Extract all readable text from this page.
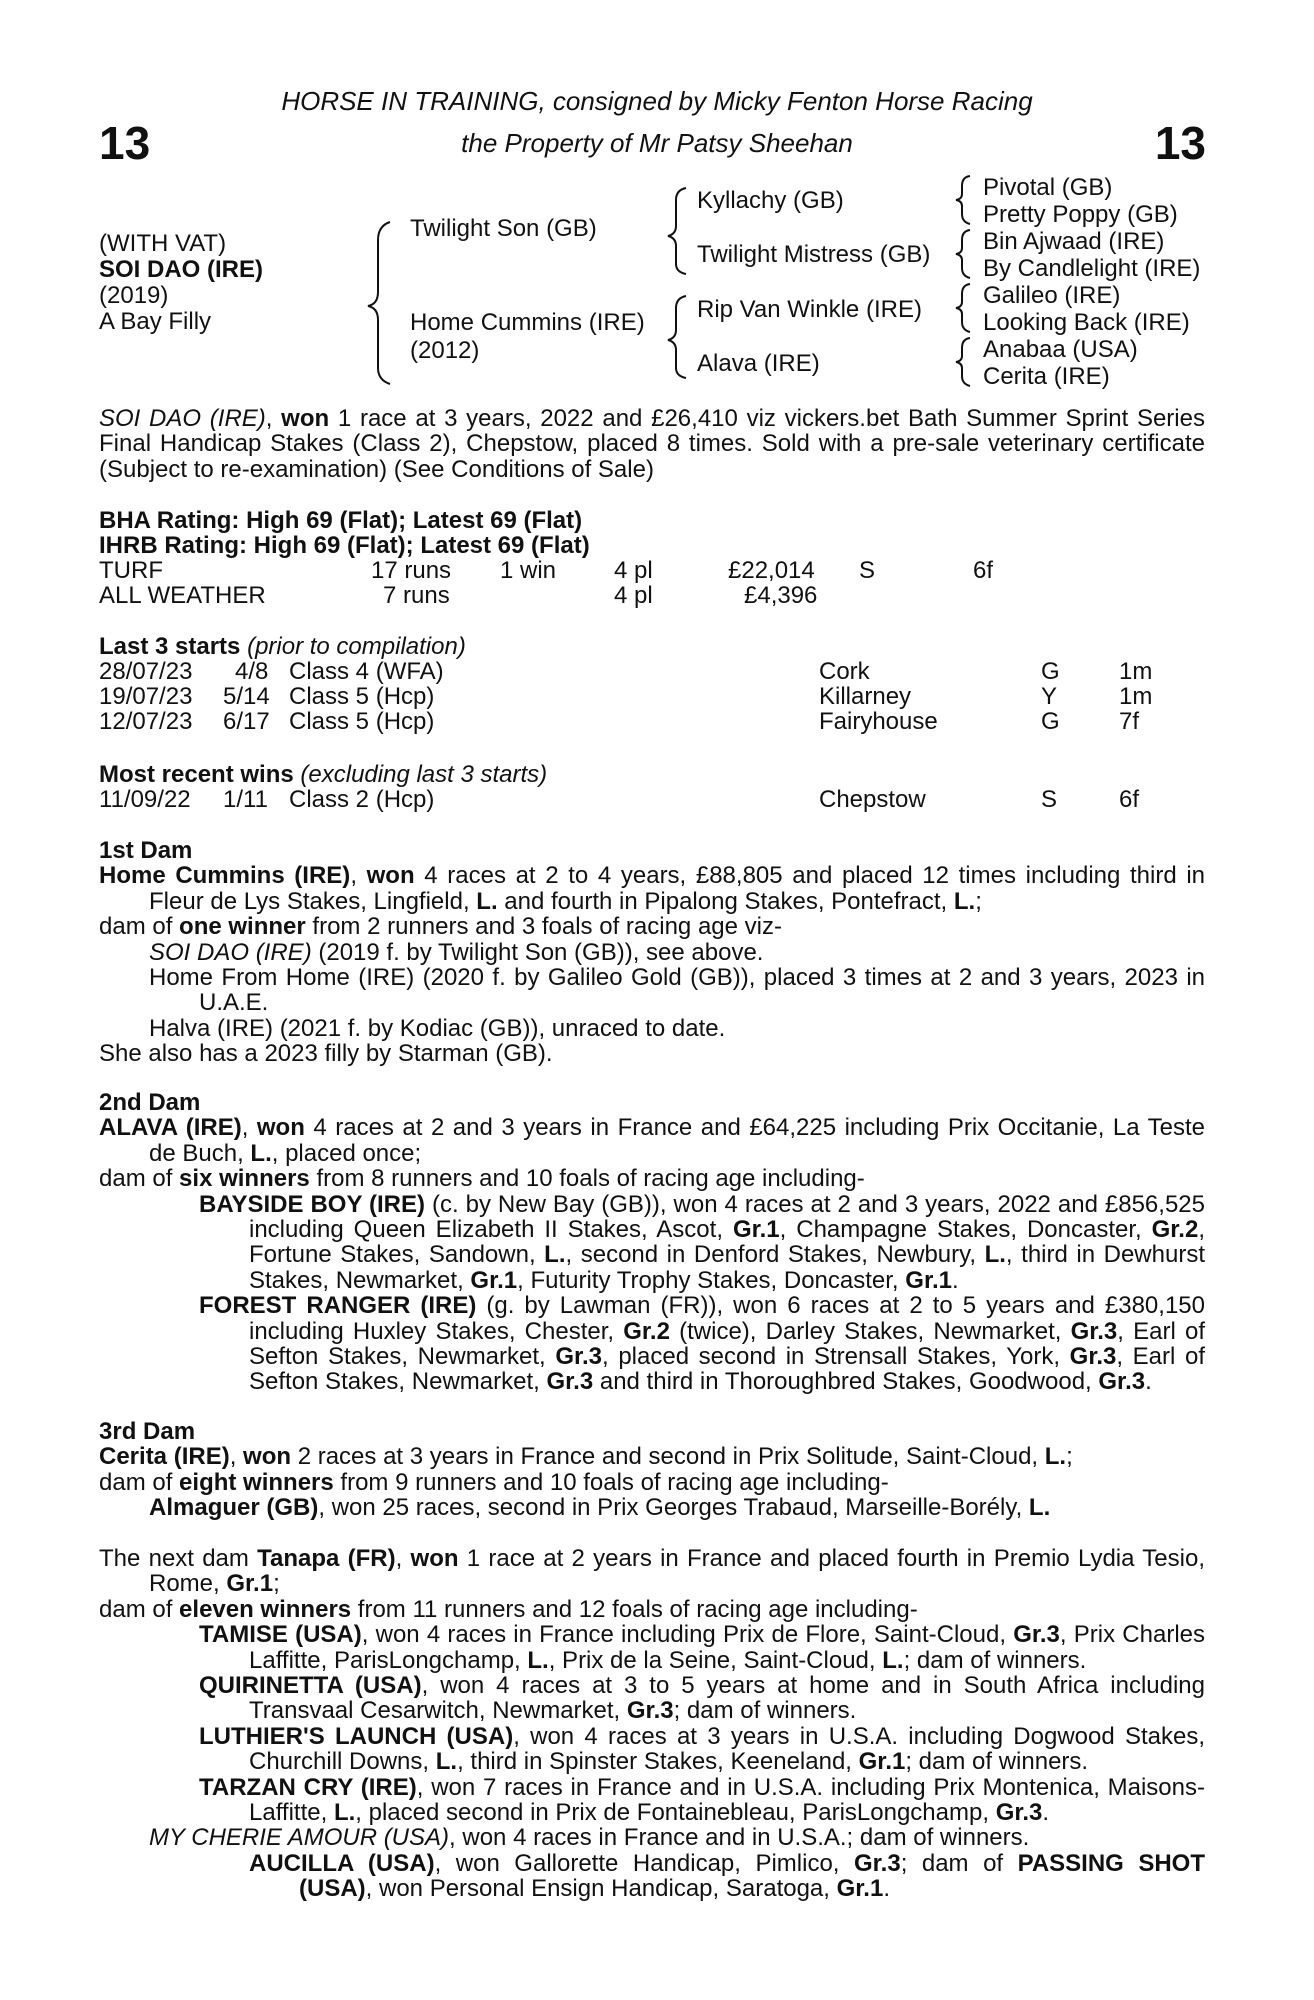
13	13
HORSE IN TRAINING, consigned by Micky Fenton Horse Racing
the Property of Mr Patsy Sheehan
(WITH VAT)
SOI DAO (IRE)
(2019)
A Bay Filly
Twilight Son (GB)
Home Cummins (IRE)
(2012)
Kyllachy (GB)
Twilight Mistress (GB)
Rip Van Winkle (IRE)
Alava (IRE)
Pivotal (GB)
Pretty Poppy (GB)
Bin Ajwaad (IRE)
By Candlelight (IRE)
Galileo (IRE)
Looking Back (IRE)
Anabaa (USA)
Cerita (IRE)

SOI DAO (IRE), won 1 race at 3 years, 2022 and £26,410 viz vickers.bet Bath Summer Sprint Series Final Handicap Stakes (Class 2), Chepstow, placed 8 times. Sold with a pre-sale veterinary certificate (Subject to re-examination) (See Conditions of Sale)

BHA Rating: High 69 (Flat); Latest 69 (Flat)
IHRB Rating: High 69 (Flat); Latest 69 (Flat)
TURF	17 runs 1 win 4 pl	£22,014 S	6f
ALL WEATHER	7 runs	4 pl	£4,396
Last 3 starts (prior to compilation)
28/07/23 4/8 Class 4 (WFA)	Cork	G 1m
19/07/23 5/14 Class 5 (Hcp)	Killarney	Y	1m
12/07/23 6/17 Class 5 (Hcp)	Fairyhouse	G 7f
Most recent wins (excluding last 3 starts)
11/09/22 1/11 Class 2 (Hcp)	Chepstow	S	6f

1st Dam

Home Cummins (IRE), won 4 races at 2 to 4 years, £88,805 and placed 12 times including third in Fleur de Lys Stakes, Lingfield, L. and fourth in Pipalong Stakes, Pontefract, L.;

dam of one winner from 2 runners and 3 foals of racing age viz-

SOI DAO (IRE) (2019 f. by Twilight Son (GB)), see above.

Home From Home (IRE) (2020 f. by Galileo Gold (GB)), placed 3 times at 2 and 3 years, 2023 in U.A.E.

Halva (IRE) (2021 f. by Kodiac (GB)), unraced to date.

She also has a 2023 filly by Starman (GB).

2nd Dam

ALAVA (IRE), won 4 races at 2 and 3 years in France and £64,225 including Prix Occitanie, La Teste de Buch, L., placed once;

dam of six winners from 8 runners and 10 foals of racing age including-

BAYSIDE BOY (IRE) (c. by New Bay (GB)), won 4 races at 2 and 3 years, 2022 and £856,525 including Queen Elizabeth II Stakes, Ascot, Gr.1, Champagne Stakes, Doncaster, Gr.2, Fortune Stakes, Sandown, L., second in Denford Stakes, Newbury, L., third in Dewhurst Stakes, Newmarket, Gr.1, Futurity Trophy Stakes, Doncaster, Gr.1.

FOREST RANGER (IRE) (g. by Lawman (FR)), won 6 races at 2 to 5 years and £380,150 including Huxley Stakes, Chester, Gr.2 (twice), Darley Stakes, Newmarket, Gr.3, Earl of Sefton Stakes, Newmarket, Gr.3, placed second in Strensall Stakes, York, Gr.3, Earl of Sefton Stakes, Newmarket, Gr.3 and third in Thoroughbred Stakes, Goodwood, Gr.3.

3rd Dam

Cerita (IRE), won 2 races at 3 years in France and second in Prix Solitude, Saint-Cloud, L.;

dam of eight winners from 9 runners and 10 foals of racing age including-

Almaguer (GB), won 25 races, second in Prix Georges Trabaud, Marseille-Borély, L.

The next dam Tanapa (FR), won 1 race at 2 years in France and placed fourth in Premio Lydia Tesio, Rome, Gr.1;

dam of eleven winners from 11 runners and 12 foals of racing age including-

TAMISE (USA), won 4 races in France including Prix de Flore, Saint-Cloud, Gr.3, Prix Charles Laffitte, ParisLongchamp, L., Prix de la Seine, Saint-Cloud, L.; dam of winners.

QUIRINETTA (USA), won 4 races at 3 to 5 years at home and in South Africa including Transvaal Cesarwitch, Newmarket, Gr.3; dam of winners.

LUTHIER'S LAUNCH (USA), won 4 races at 3 years in U.S.A. including Dogwood Stakes, Churchill Downs, L., third in Spinster Stakes, Keeneland, Gr.1; dam of winners.

TARZAN CRY (IRE), won 7 races in France and in U.S.A. including Prix Montenica, Maisons-Laffitte, L., placed second in Prix de Fontainebleau, ParisLongchamp, Gr.3.

MY CHERIE AMOUR (USA), won 4 races in France and in U.S.A.; dam of winners.

AUCILLA (USA), won Gallorette Handicap, Pimlico, Gr.3; dam of PASSING SHOT (USA), won Personal Ensign Handicap, Saratoga, Gr.1.
